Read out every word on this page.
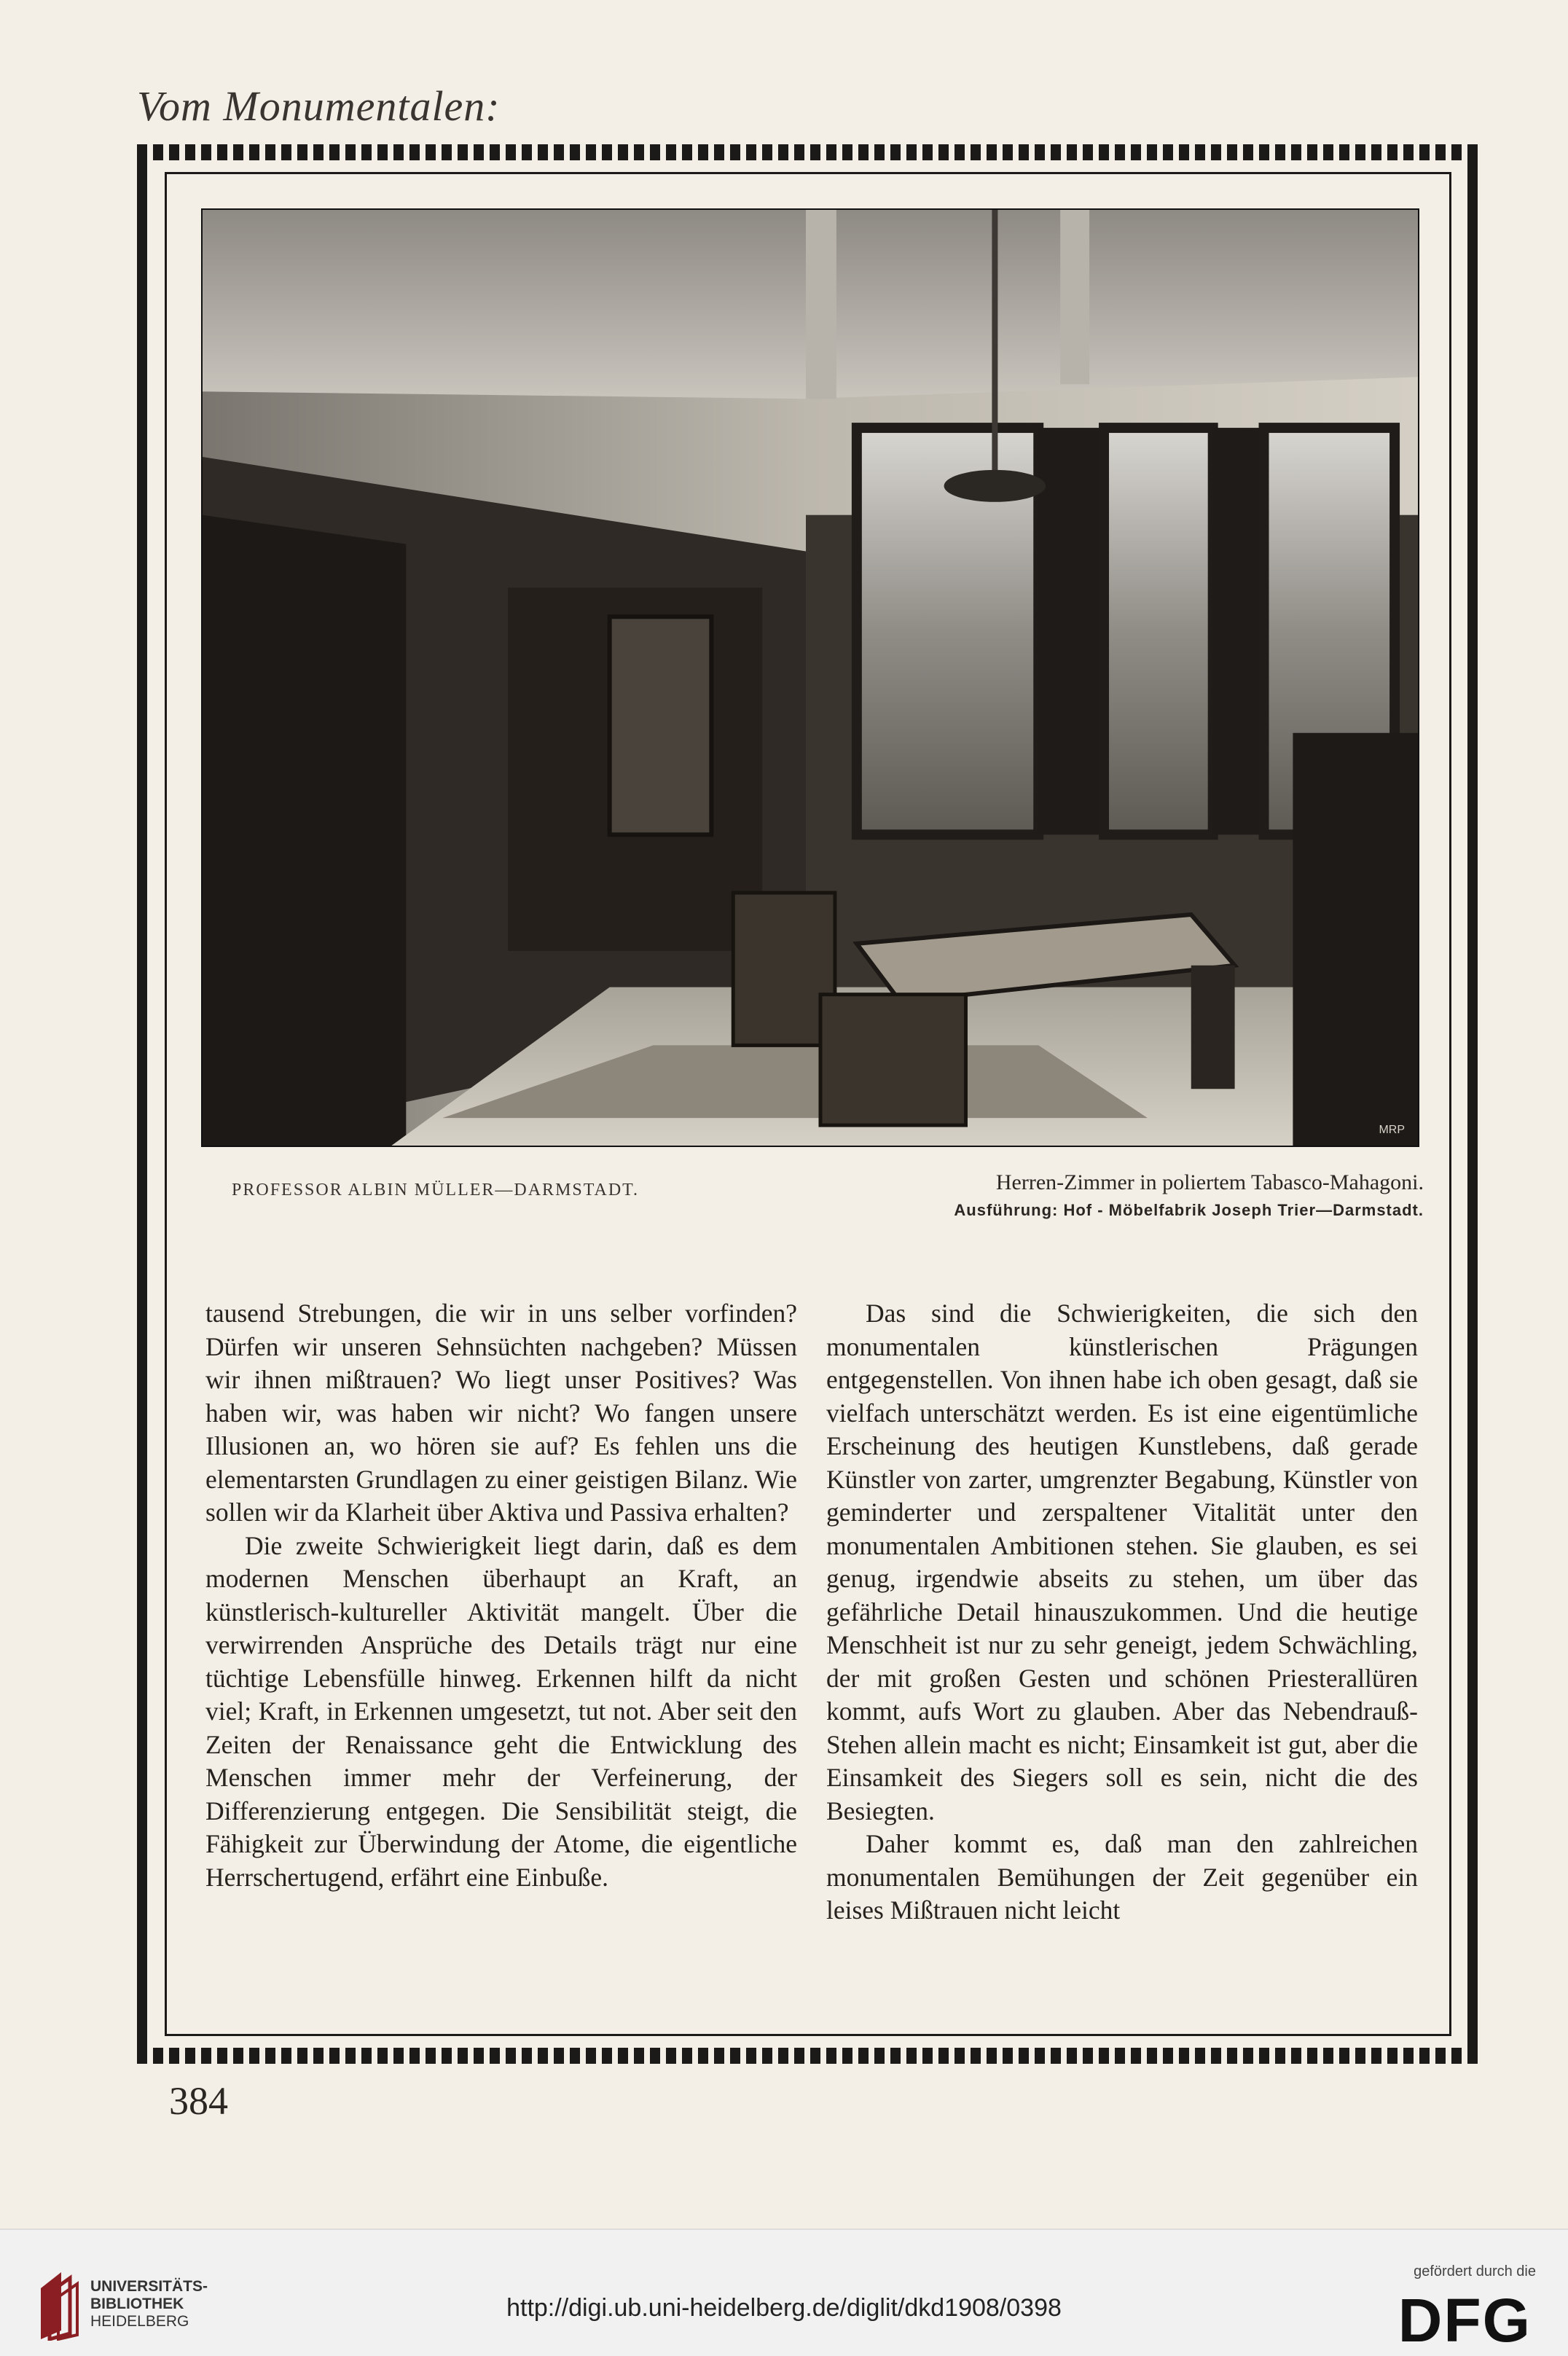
Vom Monumentalen:
MRP
PROFESSOR ALBIN MÜLLER—DARMSTADT.	Herren-Zimmer in poliertem Tabasco-Mahagoni.
Ausführung: Hof - Möbelfabrik Joseph Trier—Darmstadt.

tausend Strebungen, die wir in uns selber vorfinden? Dürfen wir unseren Sehnsüchten nachgeben? Müssen wir ihnen mißtrauen? Wo liegt unser Positives? Was haben wir, was haben wir nicht? Wo fangen unsere Illusionen an, wo hören sie auf? Es fehlen uns die elementarsten Grundlagen zu einer geistigen Bilanz. Wie sollen wir da Klarheit über Aktiva und Passiva erhalten?

Die zweite Schwierigkeit liegt darin, daß es dem modernen Menschen überhaupt an Kraft, an künstlerisch-kultureller Aktivität mangelt. Über die verwirrenden Ansprüche des Details trägt nur eine tüchtige Lebensfülle hinweg. Erkennen hilft da nicht viel; Kraft, in Erkennen umgesetzt, tut not. Aber seit den Zeiten der Renaissance geht die Entwicklung des Menschen immer mehr der Verfeinerung, der Differenzierung entgegen. Die Sensibilität steigt, die Fähigkeit zur Überwindung der Atome, die eigentliche Herrschertugend, erfährt eine Einbuße.

Das sind die Schwierigkeiten, die sich den monumentalen künstlerischen Prägungen entgegenstellen. Von ihnen habe ich oben gesagt, daß sie vielfach unterschätzt werden. Es ist eine eigentümliche Erscheinung des heutigen Kunstlebens, daß gerade Künstler von zarter, umgrenzter Begabung, Künstler von geminderter und zerspaltener Vitalität unter den monumentalen Ambitionen stehen. Sie glauben, es sei genug, irgendwie abseits zu stehen, um über das gefährliche Detail hinauszukommen. Und die heutige Menschheit ist nur zu sehr geneigt, jedem Schwächling, der mit großen Gesten und schönen Priesterallüren kommt, aufs Wort zu glauben. Aber das Nebendrauß-Stehen allein macht es nicht; Einsamkeit ist gut, aber die Einsamkeit des Siegers soll es sein, nicht die des Besiegten.

Daher kommt es, daß man den zahlreichen monumentalen Bemühungen der Zeit gegenüber ein leises Mißtrauen nicht leicht

384
UNIVERSITÄTS-
BIBLIOTHEK
HEIDELBERG	http://digi.ub.uni-heidelberg.de/diglit/dkd1908/0398
gefördert durch die
DFG
